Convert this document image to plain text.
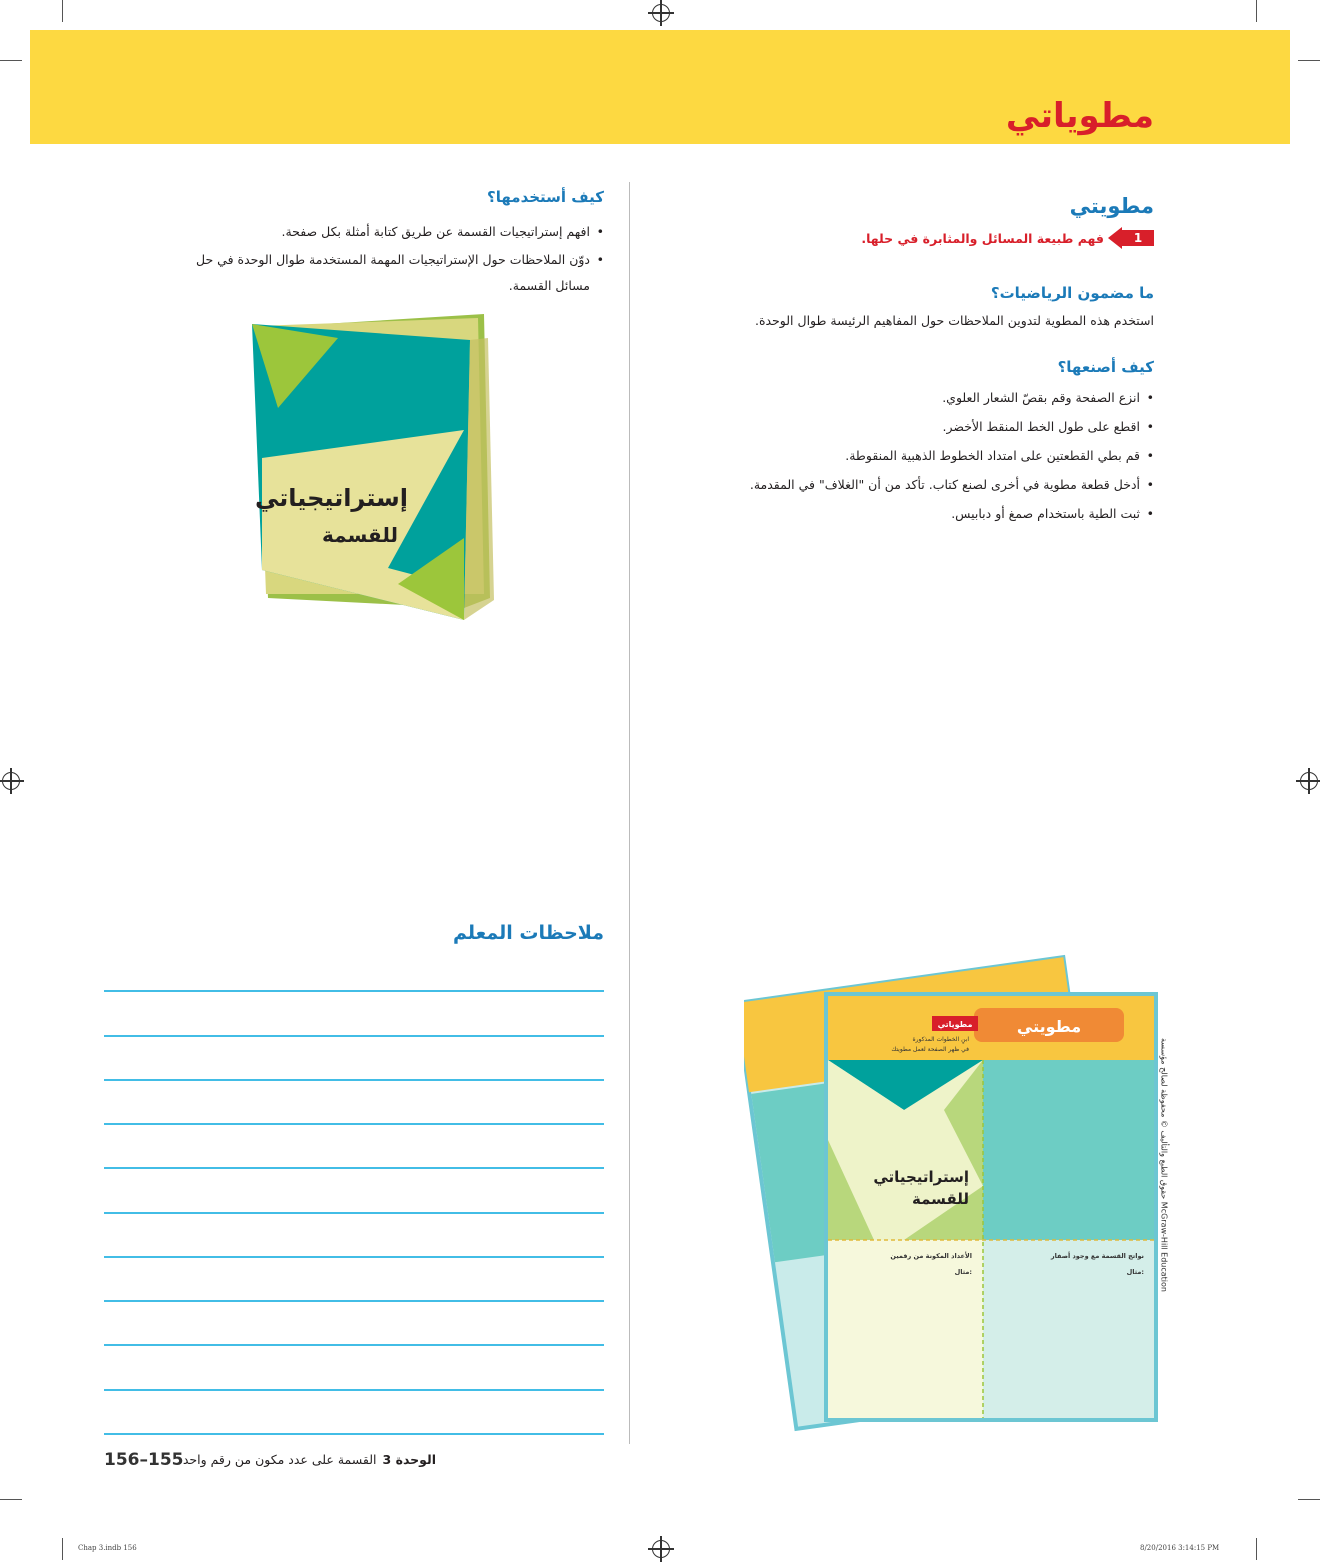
مطوياتي
مطويتي
1
فهم طبيعة المسائل والمثابرة في حلها.
ما مضمون الرياضيات؟
استخدم هذه المطوية لتدوين الملاحظات حول المفاهيم الرئيسة طوال الوحدة.
كيف أصنعها؟
• انزع الصفحة وقم بقصّ الشعار العلوي.
• اقطع على طول الخط المنقط الأخضر.
• قم بطي القطعتين على امتداد الخطوط الذهبية المنقوطة.
• أدخل قطعة مطوية في أخرى لصنع كتاب. تأكد من أن "الغلاف" في المقدمة.
• ثبت الطية باستخدام صمغ أو دبابيس.
مطويتي
مطوياتي
ابنِ الخطوات المذكورة
في ظهر الصفحة لعمل مطويتك
إستراتيجياتي
للقسمة
الأعداد المكونة من رقمين
مثال:
نواتج القسمة مع وجود أصفار
مثال:
كيف أستخدمها؟
• افهم إستراتيجيات القسمة عن طريق كتابة أمثلة بكل صفحة.
• دوّن الملاحظات حول الإستراتيجيات المهمة المستخدمة طوال الوحدة في حل مسائل القسمة.
إستراتيجياتي
للقسمة
ملاحظات المعلم
حقوق الطبع والتأليف © محفوظة لصالح مؤسسة McGraw-Hill Education
الوحدة 3
القسمة على عدد مكون من رقم واحد
156–155
Chap 3.indb 156	8/20/2016 3:14:15 PM
